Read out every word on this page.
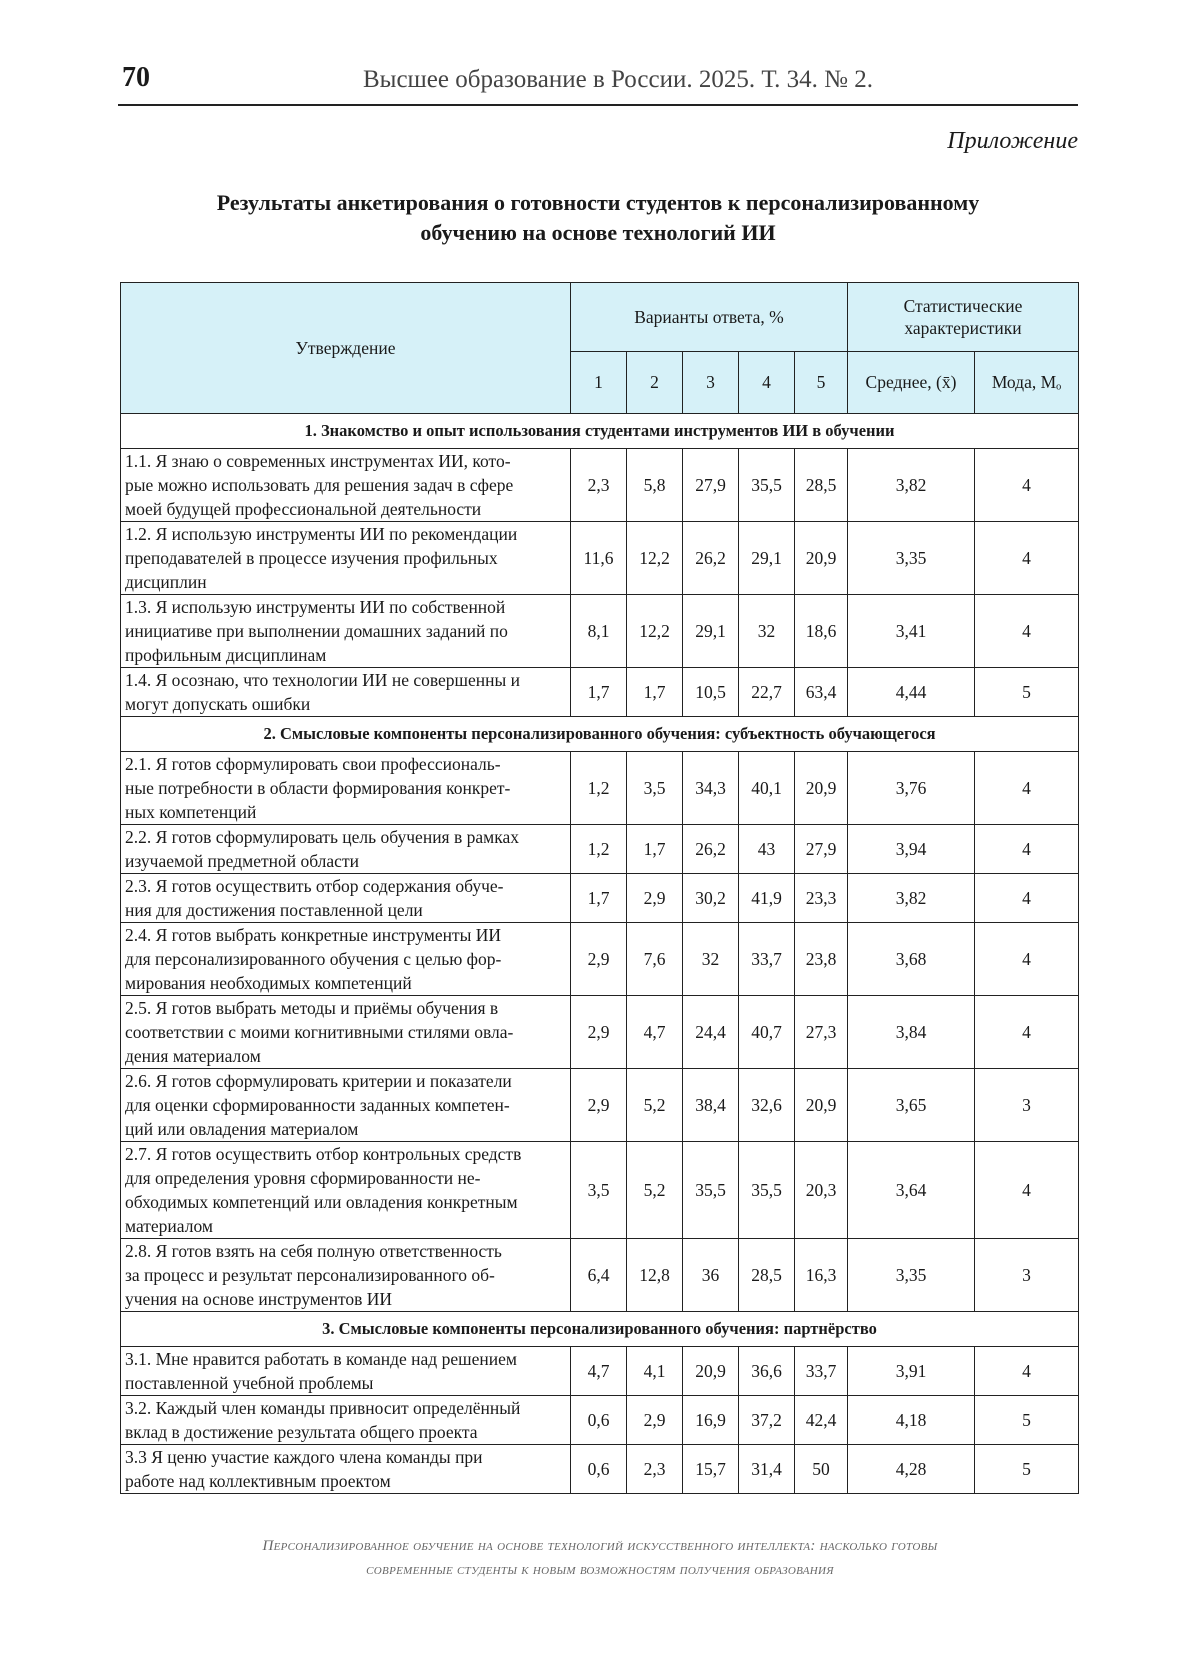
70	Высшее образование в России. 2025. Т. 34. № 2.
Приложение
Результаты анкетирования о готовности студентов к персонализированному
обучению на основе технологий ИИ
Утверждение	Варианты ответа, %					Статистические
характеристики	

	1	2	3	4	5	Среднее, (x̄)	Мода, Mₒ
1. Знакомство и опыт использования студентами инструментов ИИ в обучении							

1.1. Я знаю о современных инструментах ИИ, кото-
рые можно использовать для решения задач в сфере
моей будущей профессиональной деятельности	2,3	5,8	27,9	35,5	28,5	3,82	4

1.2. Я использую инструменты ИИ по рекомендации
преподавателей в процессе изучения профильных
дисциплин	11,6	12,2	26,2	29,1	20,9	3,35	4

1.3. Я использую инструменты ИИ по собственной
инициативе при выполнении домашних заданий по
профильным дисциплинам	8,1	12,2	29,1	32	18,6	3,41	4

1.4. Я осознаю, что технологии ИИ не совершенны и
могут допускать ошибки	1,7	1,7	10,5	22,7	63,4	4,44	5
2. Смысловые компоненты персонализированного обучения: субъектность обучающегося							

2.1. Я готов сформулировать свои профессиональ-
ные потребности в области формирования конкрет-
ных компетенций	1,2	3,5	34,3	40,1	20,9	3,76	4

2.2. Я готов сформулировать цель обучения в рамках
изучаемой предметной области	1,2	1,7	26,2	43	27,9	3,94	4

2.3. Я готов осуществить отбор содержания обуче-
ния для достижения поставленной цели	1,7	2,9	30,2	41,9	23,3	3,82	4

2.4. Я готов выбрать конкретные инструменты ИИ
для персонализированного обучения с целью фор-
мирования необходимых компетенций	2,9	7,6	32	33,7	23,8	3,68	4

2.5. Я готов выбрать методы и приёмы обучения в
соответствии с моими когнитивными стилями овла-
дения материалом	2,9	4,7	24,4	40,7	27,3	3,84	4

2.6. Я готов сформулировать критерии и показатели
для оценки сформированности заданных компетен-
ций или овладения материалом	2,9	5,2	38,4	32,6	20,9	3,65	3

2.7. Я готов осуществить отбор контрольных средств
для определения уровня сформированности не-
обходимых компетенций или овладения конкретным
материалом	3,5	5,2	35,5	35,5	20,3	3,64	4

2.8. Я готов взять на себя полную ответственность
за процесс и результат персонализированного об-
учения на основе инструментов ИИ	6,4	12,8	36	28,5	16,3	3,35	3
3. Смысловые компоненты персонализированного обучения: партнёрство							

3.1. Мне нравится работать в команде над решением
поставленной учебной проблемы	4,7	4,1	20,9	36,6	33,7	3,91	4

3.2. Каждый член команды привносит определённый
вклад в достижение результата общего проекта	0,6	2,9	16,9	37,2	42,4	4,18	5

3.3 Я ценю участие каждого члена команды при
работе над коллективным проектом	0,6	2,3	15,7	31,4	50	4,28	5
Персонализированное обучение на основе технологий искусственного интеллекта: насколько готовы
современные студенты к новым возможностям получения образования
